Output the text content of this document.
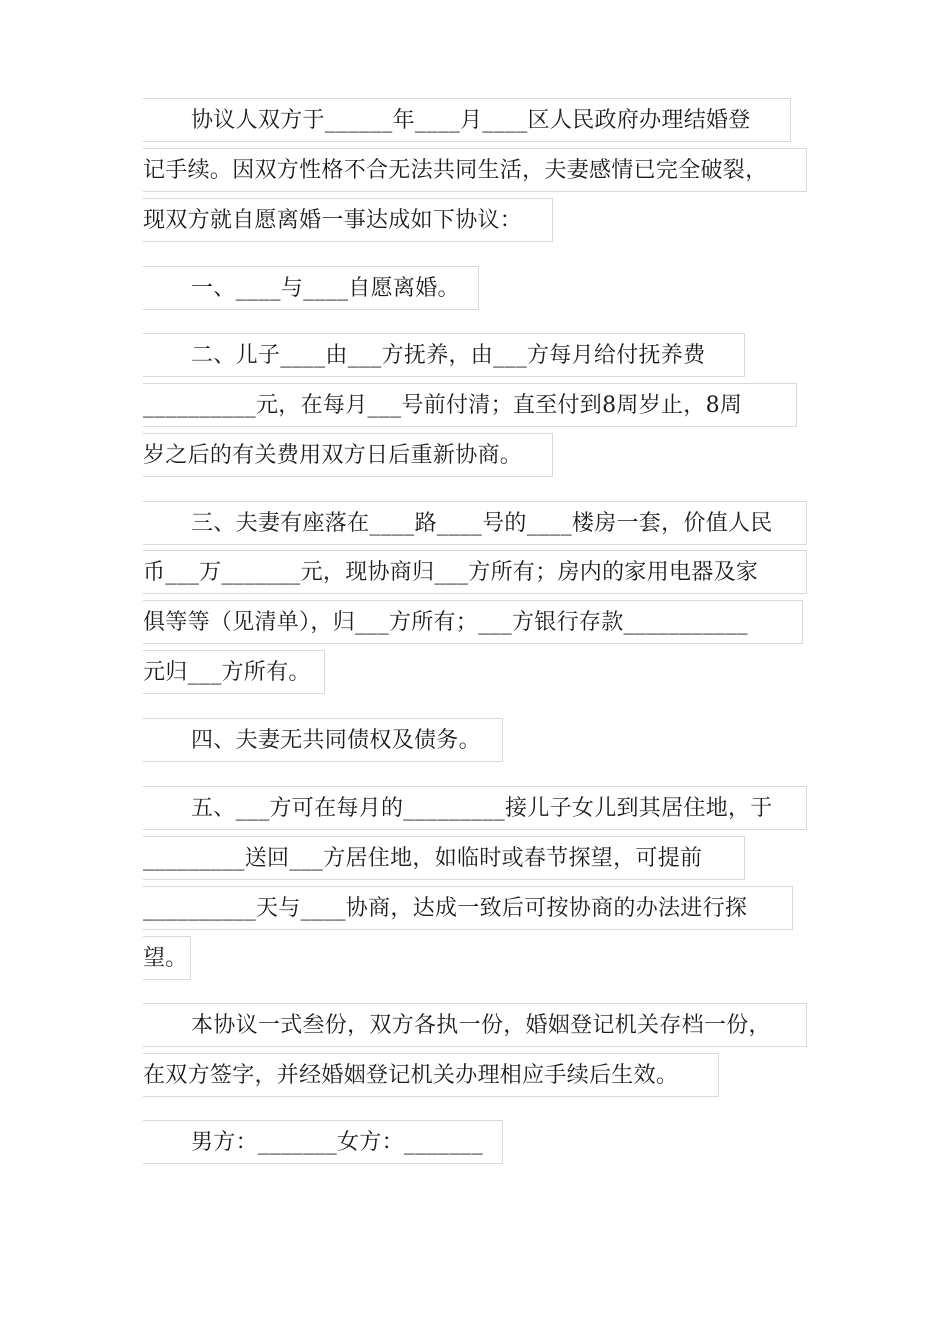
协议人双方于______年____月____区人民政府办理结婚登
记手续。因双方性格不合无法共同生活，夫妻感情已完全破裂，
现双方就自愿离婚一事达成如下协议：
一、____与____自愿离婚。
二、儿子____由___方抚养，由___方每月给付抚养费
__________元，在每月___号前付清；直至付到8周岁止，8周
岁之后的有关费用双方日后重新协商。
三、夫妻有座落在____路____号的____楼房一套，价值人民
币___万_______元，现协商归___方所有；房内的家用电器及家
俱等等（见清单），归___方所有；___方银行存款___________
元归___方所有。
四、夫妻无共同债权及债务。
五、___方可在每月的_________接儿子女儿到其居住地，于
_________送回___方居住地，如临时或春节探望，可提前
__________天与____协商，达成一致后可按协商的办法进行探
望。
本协议一式叁份，双方各执一份，婚姻登记机关存档一份，
在双方签字，并经婚姻登记机关办理相应手续后生效。
男方：_______女方：_______
